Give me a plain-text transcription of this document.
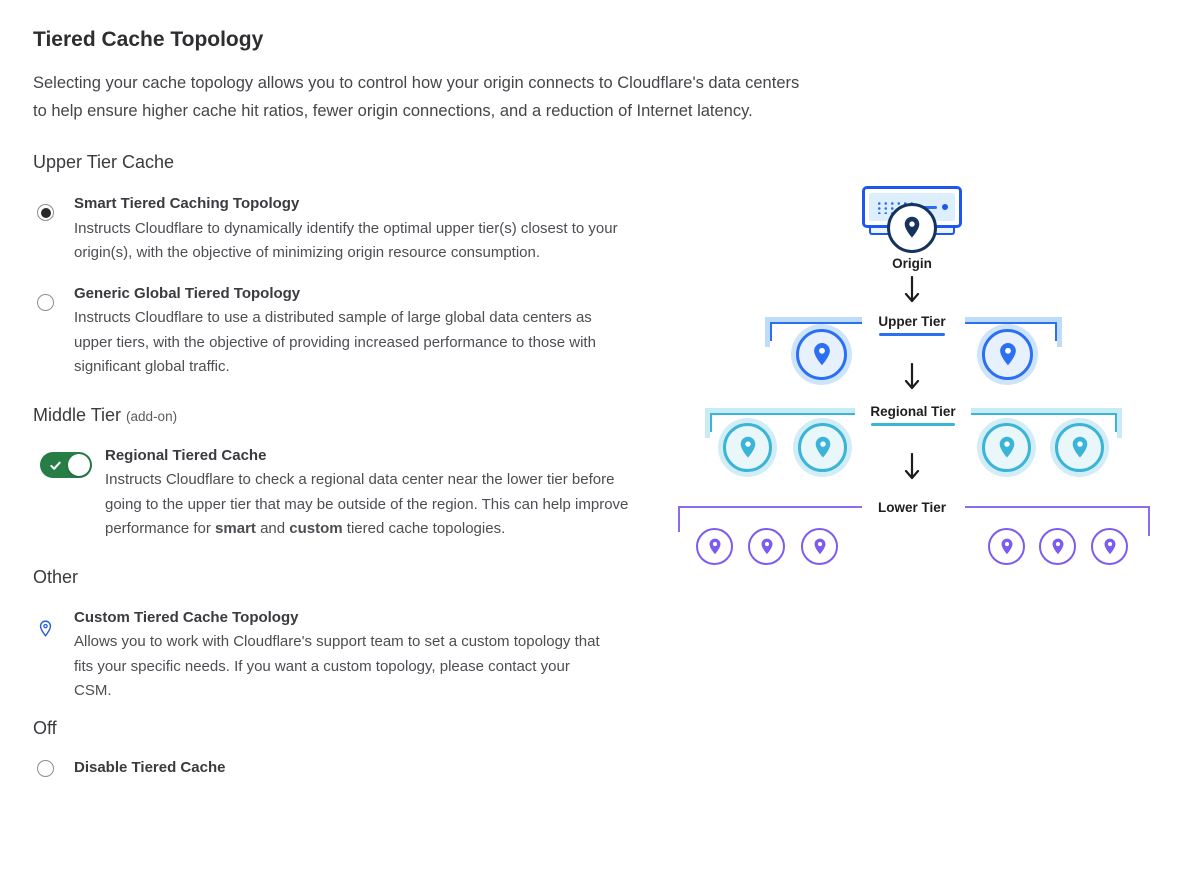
Tiered Cache Topology
Selecting your cache topology allows you to control how your origin connects to Cloudflare's data centers
to help ensure higher cache hit ratios, fewer origin connections, and a reduction of Internet latency.
Upper Tier Cache
Smart Tiered Caching Topology
Instructs Cloudflare to dynamically identify the optimal upper tier(s) closest to your origin(s), with the objective of minimizing origin resource consumption.
Generic Global Tiered Topology
Instructs Cloudflare to use a distributed sample of large global data centers as upper tiers, with the objective of providing increased performance to those with significant global traffic.
Middle Tier (add-on)
Regional Tiered Cache
Instructs Cloudflare to check a regional data center near the lower tier before going to the upper tier that may be outside of the region. This can help improve performance for smart and custom tiered cache topologies.
Other
Custom Tiered Cache Topology
Allows you to work with Cloudflare's support team to set a custom topology that fits your specific needs. If you want a custom topology, please contact your CSM.
Off
Disable Tiered Cache
Origin
Upper Tier
Regional Tier
Lower Tier
